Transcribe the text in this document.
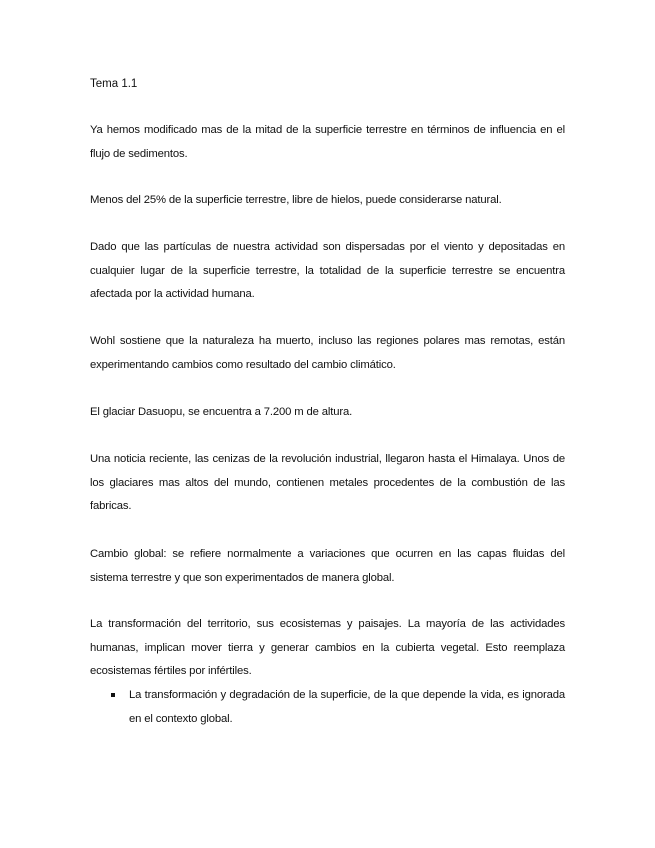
Tema 1.1
Ya hemos modificado mas de la mitad de la superficie terrestre en términos de influencia en el flujo de sedimentos.
Menos del 25% de la superficie terrestre, libre de hielos, puede considerarse natural.
Dado que las partículas de nuestra actividad son dispersadas por el viento y depositadas en cualquier lugar de la superficie terrestre, la totalidad de la superficie terrestre se encuentra afectada por la actividad humana.
Wohl sostiene que la naturaleza ha muerto, incluso las regiones polares mas remotas, están experimentando cambios como resultado del cambio climático.
El glaciar Dasuopu, se encuentra a 7.200 m de altura.
Una noticia reciente, las cenizas de la revolución industrial, llegaron hasta el Himalaya. Unos de los glaciares mas altos del mundo, contienen metales procedentes de la combustión de las fabricas.
Cambio global: se refiere normalmente a variaciones que ocurren en las capas fluidas del sistema terrestre y que son experimentados de manera global.
La transformación del territorio, sus ecosistemas y paisajes. La mayoría de las actividades humanas, implican mover tierra y generar cambios en la cubierta vegetal. Esto reemplaza ecosistemas fértiles por infértiles.
La transformación y degradación de la superficie, de la que depende la vida, es ignorada en el contexto global.
